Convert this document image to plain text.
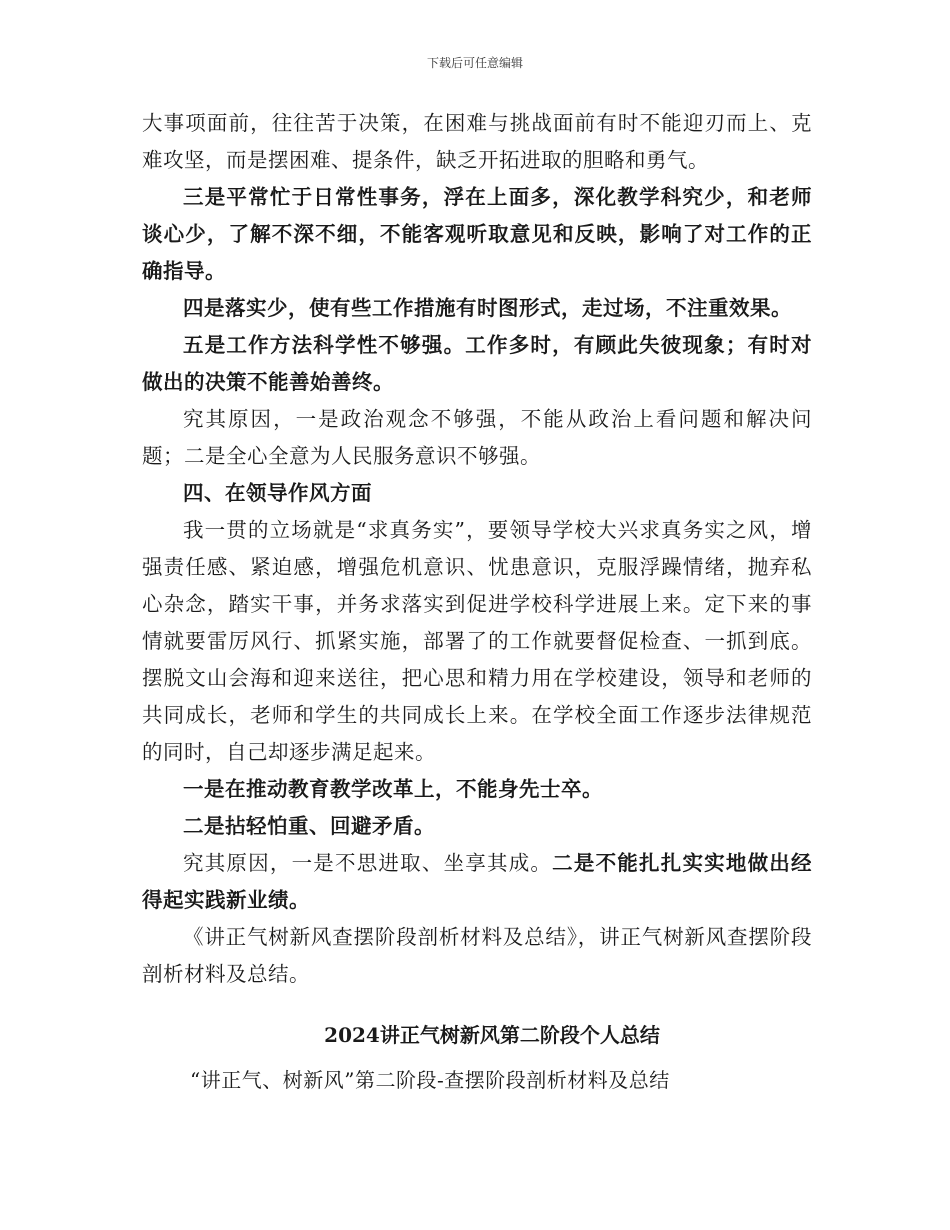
下载后可任意编辑

大事项面前，往往苦于决策，在困难与挑战面前有时不能迎刃而上、克难攻坚，而是摆困难、提条件，缺乏开拓进取的胆略和勇气。

三是平常忙于日常性事务，浮在上面多，深化教学科究少，和老师谈心少，了解不深不细，不能客观听取意见和反映，影响了对工作的正确指导。

四是落实少，使有些工作措施有时图形式，走过场，不注重效果。

五是工作方法科学性不够强。工作多时，有顾此失彼现象；有时对做出的决策不能善始善终。

究其原因，一是政治观念不够强，不能从政治上看问题和解决问题；二是全心全意为人民服务意识不够强。

四、在领导作风方面

我一贯的立场就是“求真务实”，要领导学校大兴求真务实之风，增强责任感、紧迫感，增强危机意识、忧患意识，克服浮躁情绪，抛弃私心杂念，踏实干事，并务求落实到促进学校科学进展上来。定下来的事情就要雷厉风行、抓紧实施，部署了的工作就要督促检查、一抓到底。摆脱文山会海和迎来送往，把心思和精力用在学校建设，领导和老师的共同成长，老师和学生的共同成长上来。在学校全面工作逐步法律规范的同时，自己却逐步满足起来。

一是在推动教育教学改革上，不能身先士卒。

二是拈轻怕重、回避矛盾。

究其原因，一是不思进取、坐享其成。二是不能扎扎实实地做出经得起实践新业绩。

《讲正气树新风查摆阶段剖析材料及总结》，讲正气树新风查摆阶段剖析材料及总结。

2024讲正气树新风第二阶段个人总结

“讲正气、树新风”第二阶段-查摆阶段剖析材料及总结
